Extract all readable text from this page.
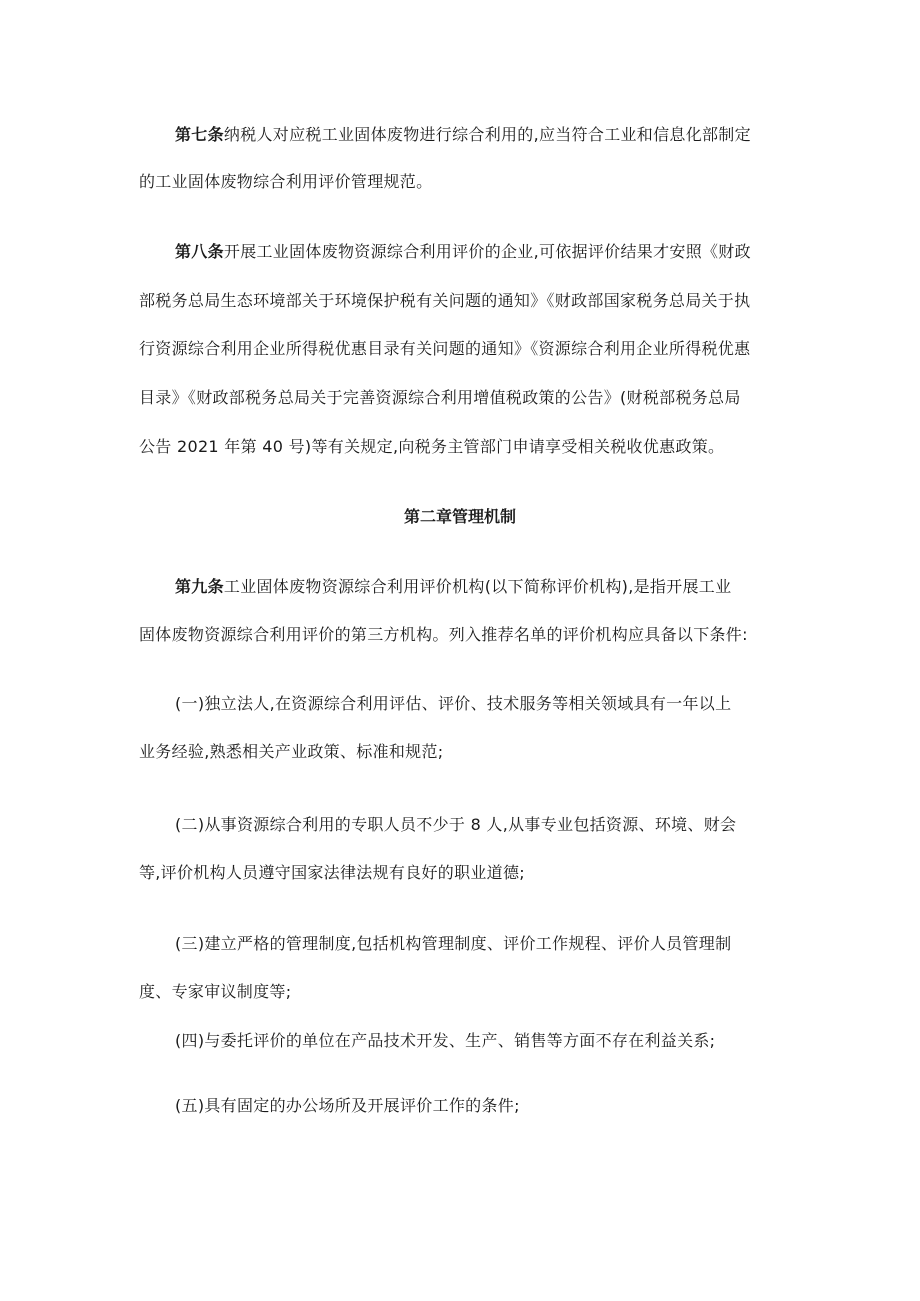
第七条纳税人对应税工业固体废物进行综合利用的,应当符合工业和信息化部制定
的工业固体废物综合利用评价管理规范。
第八条开展工业固体废物资源综合利用评价的企业,可依据评价结果才安照《财政
部税务总局生态环境部关于环境保护税有关问题的通知》《财政部国家税务总局关于执
行资源综合利用企业所得税优惠目录有关问题的通知》《资源综合利用企业所得税优惠
目录》《财政部税务总局关于完善资源综合利用增值税政策的公告》(财税部税务总局
公告 2021 年第 40 号)等有关规定,向税务主管部门申请享受相关税收优惠政策。
第二章管理机制
第九条工业固体废物资源综合利用评价机构(以下简称评价机构),是指开展工业
固体废物资源综合利用评价的第三方机构。列入推荐名单的评价机构应具备以下条件:
(一)独立法人,在资源综合利用评估、评价、技术服务等相关领域具有一年以上
业务经验,熟悉相关产业政策、标准和规范;
(二)从事资源综合利用的专职人员不少于 8 人,从事专业包括资源、环境、财会
等,评价机构人员遵守国家法律法规有良好的职业道德;
(三)建立严格的管理制度,包括机构管理制度、评价工作规程、评价人员管理制
度、专家审议制度等;
(四)与委托评价的单位在产品技术开发、生产、销售等方面不存在利益关系;
(五)具有固定的办公场所及开展评价工作的条件;
